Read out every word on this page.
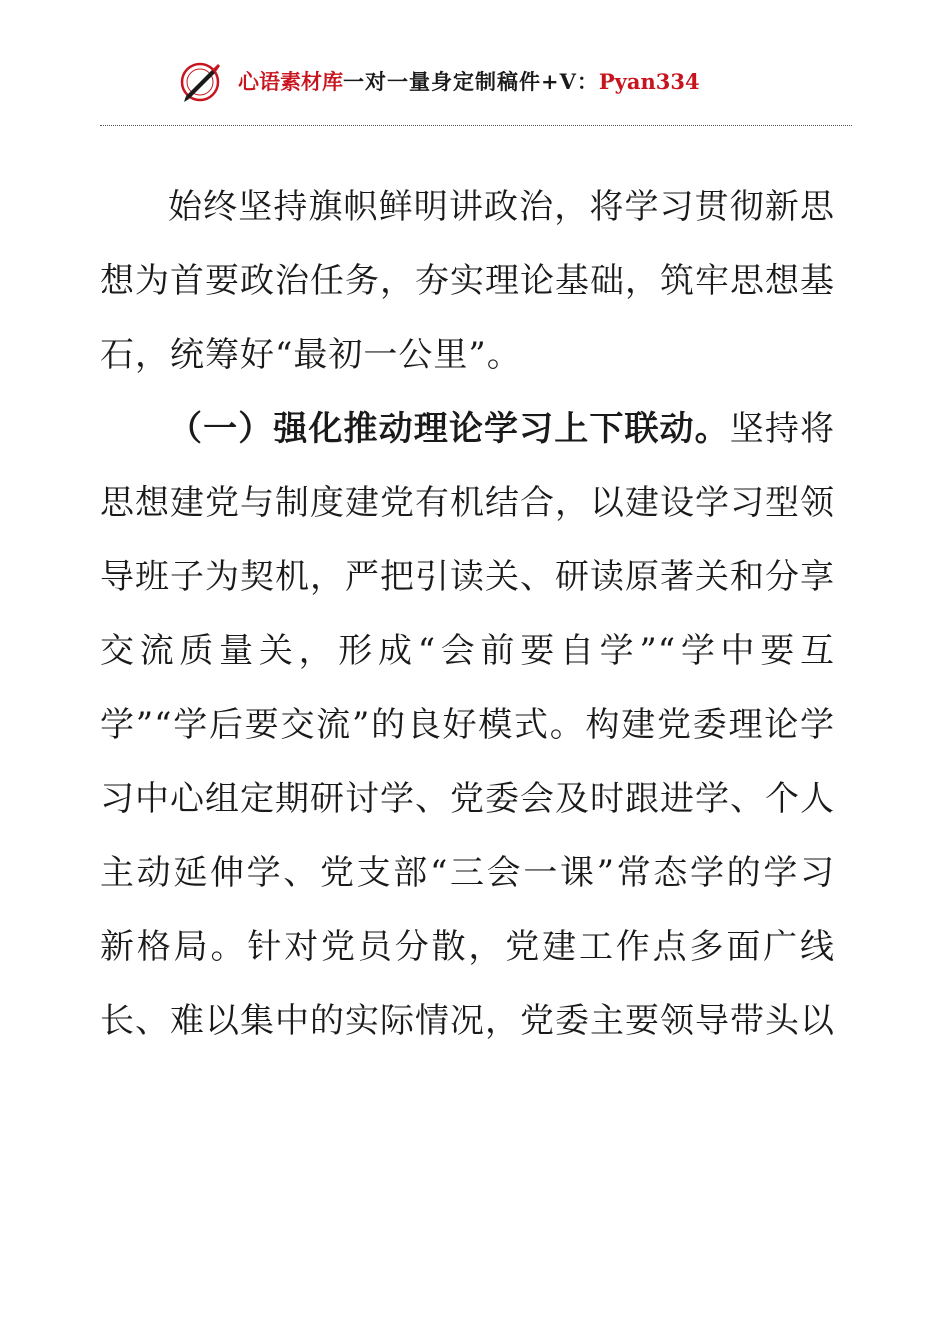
心语素材库一对一量身定制稿件+V：Pyan334

始终坚持旗帜鲜明讲政治，将学习贯彻新思想为首要政治任务，夯实理论基础，筑牢思想基石，统筹好“最初一公里”。

（一）强化推动理论学习上下联动。坚持将思想建党与制度建党有机结合，以建设学习型领导班子为契机，严把引读关、研读原著关和分享交流质量关，形成“会前要自学”“学中要互学”“学后要交流”的良好模式。构建党委理论学习中心组定期研讨学、党委会及时跟进学、个人主动延伸学、党支部“三会一课”常态学的学习新格局。针对党员分散，党建工作点多面广线长、难以集中的实际情况，党委主要领导带头以
